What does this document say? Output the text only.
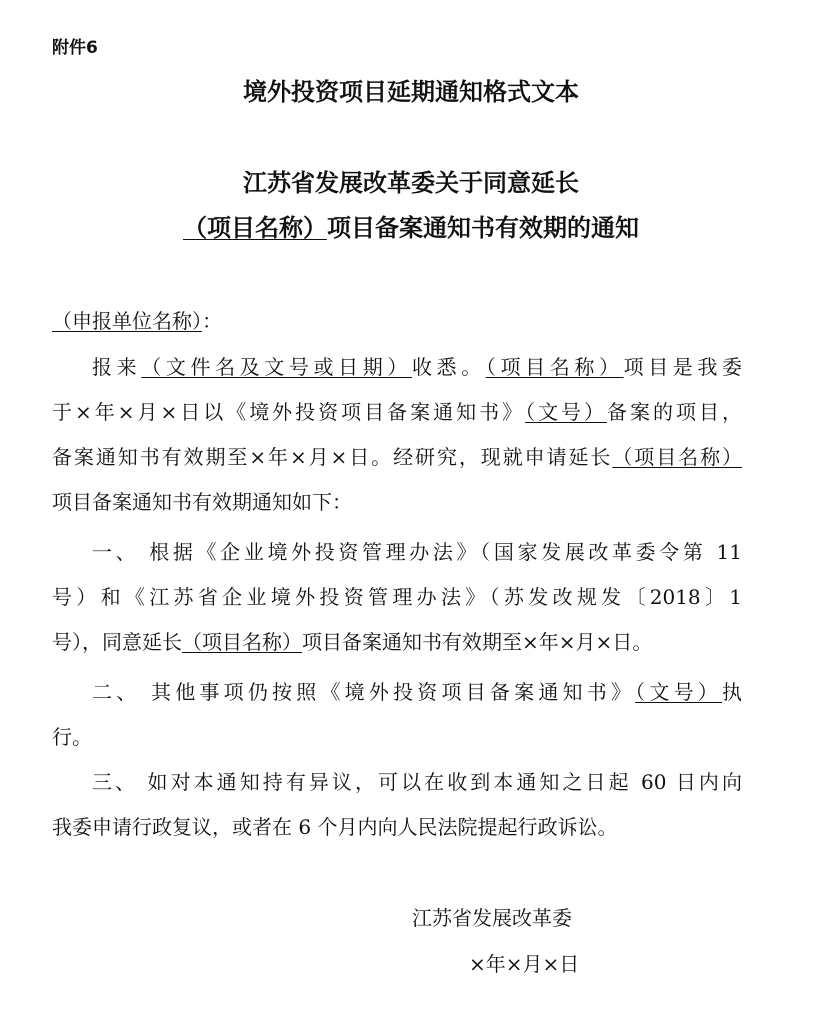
附件6

境外投资项目延期通知格式文本
江苏省发展改革委关于同意延长
（项目名称）项目备案通知书有效期的通知

（申报单位名称）：

报来（文件名及文号或日期）收悉。（项目名称）项目是我委

于×年×月×日以《境外投资项目备案通知书》（文号）备案的项目，

备案通知书有效期至×年×月×日。经研究，现就申请延长（项目名称）

项目备案通知书有效期通知如下：

一、 根据《企业境外投资管理办法》（国家发展改革委令第 11

号）和《江苏省企业境外投资管理办法》（苏发改规发〔2018〕1

号），同意延长（项目名称）项目备案通知书有效期至×年×月×日。

二、 其他事项仍按照《境外投资项目备案通知书》（文号）执

行。

三、 如对本通知持有异议，可以在收到本通知之日起 60 日内向

我委申请行政复议，或者在 6 个月内向人民法院提起行政诉讼。

江苏省发展改革委

×年×月×日
